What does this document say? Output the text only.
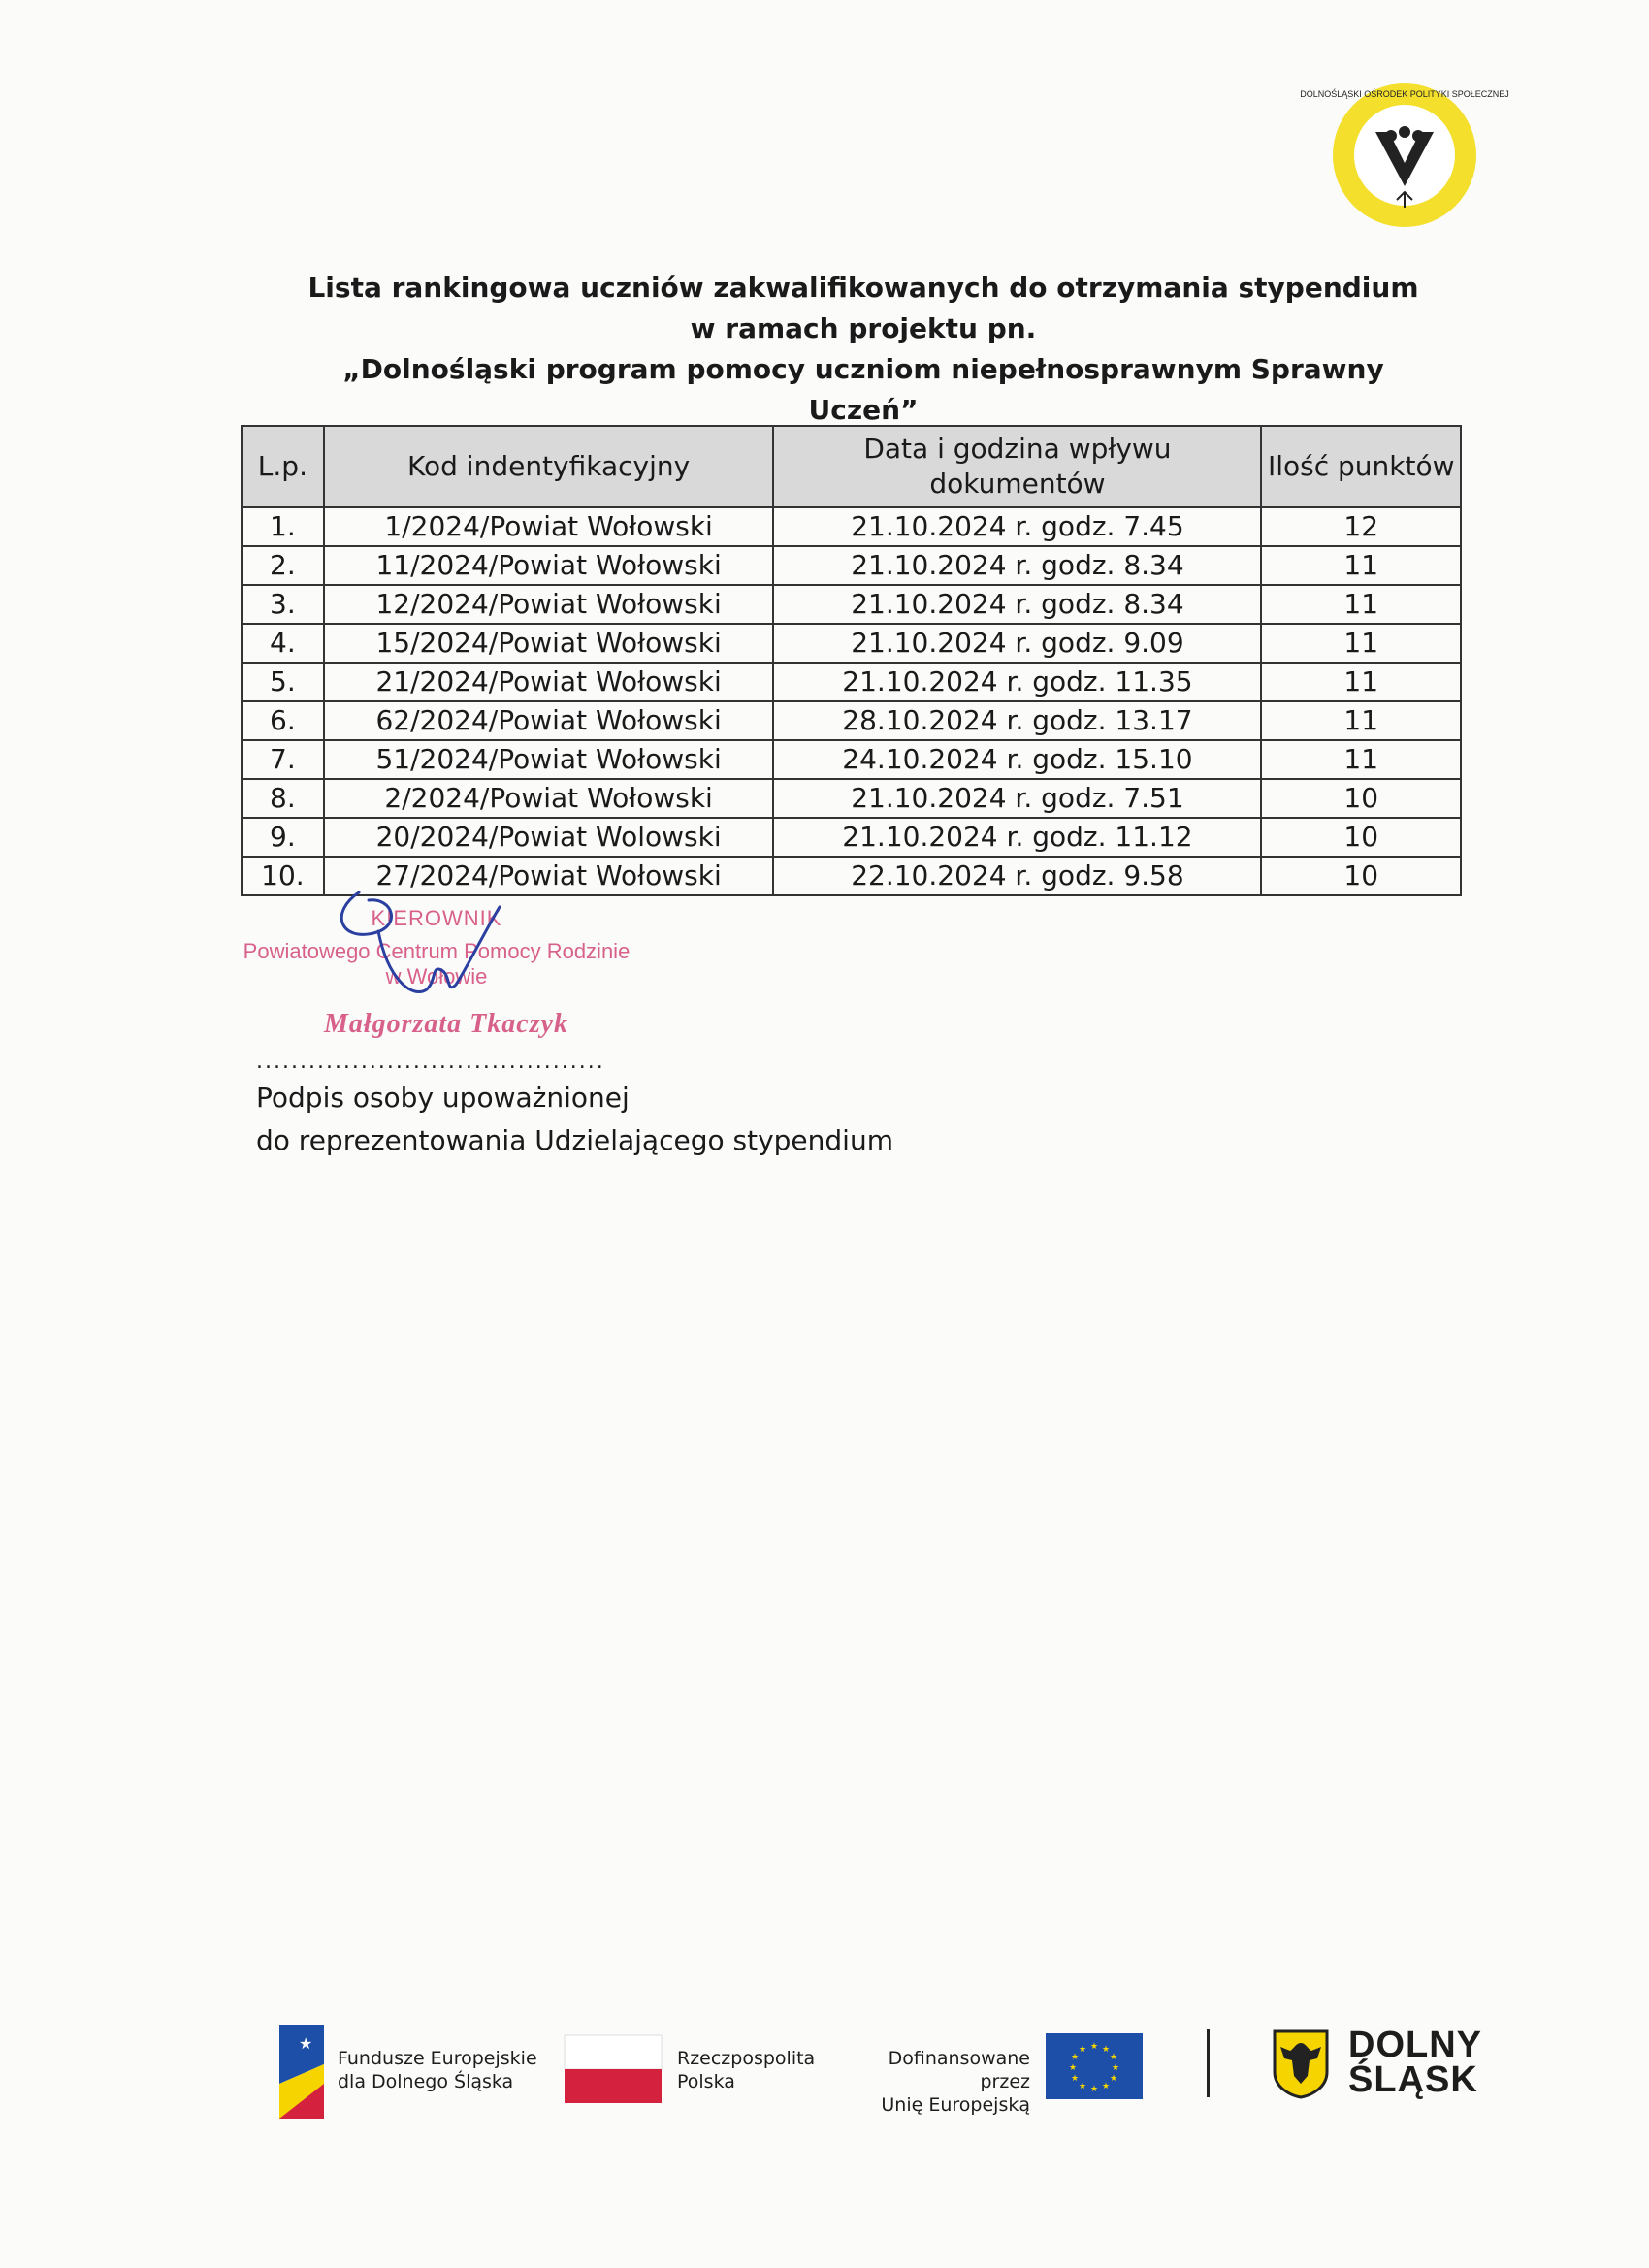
DOLNOŚLĄSKI OŚRODEK POLITYKI SPOŁECZNEJ
Lista rankingowa uczniów zakwalifikowanych do otrzymania stypendium
w ramach projektu pn.
„Dolnośląski program pomocy uczniom niepełnosprawnym Sprawny Uczeń”
L.p.	Kod indentyfikacyjny	Data i godzina wpływu dokumentów	Ilość punktów
1.	1/2024/Powiat Wołowski	21.10.2024 r. godz. 7.45	12
2.	11/2024/Powiat Wołowski	21.10.2024 r. godz. 8.34	11
3.	12/2024/Powiat Wołowski	21.10.2024 r. godz. 8.34	11
4.	15/2024/Powiat Wołowski	21.10.2024 r. godz. 9.09	11
5.	21/2024/Powiat Wołowski	21.10.2024 r. godz. 11.35	11
6.	62/2024/Powiat Wołowski	28.10.2024 r. godz. 13.17	11
7.	51/2024/Powiat Wołowski	24.10.2024 r. godz. 15.10	11
8.	2/2024/Powiat Wołowski	21.10.2024 r. godz. 7.51	10
9.	20/2024/Powiat Wolowski	21.10.2024 r. godz. 11.12	10
10.	27/2024/Powiat Wołowski	22.10.2024 r. godz. 9.58	10
KIEROWNIK
Powiatowego Centrum Pomocy Rodzinie
w Wołowie
Małgorzata Tkaczyk
........................................
Podpis osoby upoważnionej
do reprezentowania Udzielającego stypendium
★
Fundusze Europejskie
dla Dolnego Śląska
Rzeczpospolita
Polska
Dofinansowane przez
Unię Europejską
★ ★
★
★
★
★
★
★
★
★
★
★	DOLNY
ŚLĄSK
